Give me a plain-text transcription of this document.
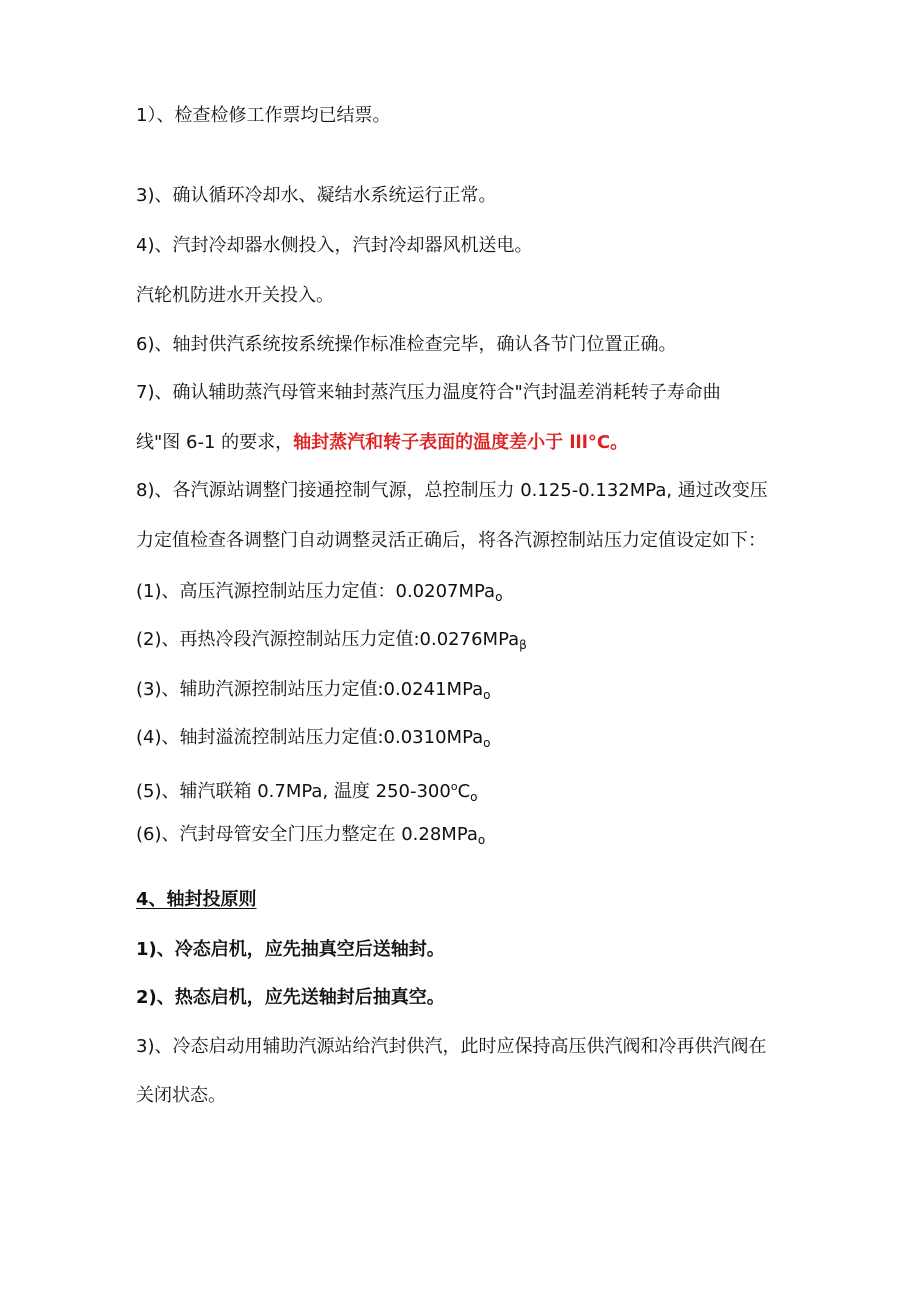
1）、检查检修工作票均已结票。
3)、确认循环冷却水、凝结水系统运行正常。
4)、汽封冷却器水侧投入，汽封冷却器风机送电。
汽轮机防进水开关投入。
6)、轴封供汽系统按系统操作标准检查完毕，确认各节门位置正确。
7)、确认辅助蒸汽母管来轴封蒸汽压力温度符合"汽封温差消耗转子寿命曲
线"图 6-1 的要求，轴封蒸汽和转子表面的温度差小于 lll°C。
8)、各汽源站调整门接通控制气源，总控制压力 0.125-0.132MPa, 通过改变压
力定值检查各调整门自动调整灵活正确后，将各汽源控制站压力定值设定如下：
(1)、高压汽源控制站压力定值：0.0207MPa$_o$
(2)、再热冷段汽源控制站压力定值:0.0276MPa$_\beta$
(3)、辅助汽源控制站压力定值:0.0241MPa$_o$
(4)、轴封溢流控制站压力定值:0.0310MPa$_o$
(5)、辅汽联箱 0.7MPa, 温度 $250-300^oC_o$
(6)、汽封母管安全门压力整定在 0.28MPa$_o$
4、轴封投原则
1)、冷态启机，应先抽真空后送轴封。
2)、热态启机，应先送轴封后抽真空。
3)、冷态启动用辅助汽源站给汽封供汽，此时应保持高压供汽阀和冷再供汽阀在
关闭状态。
